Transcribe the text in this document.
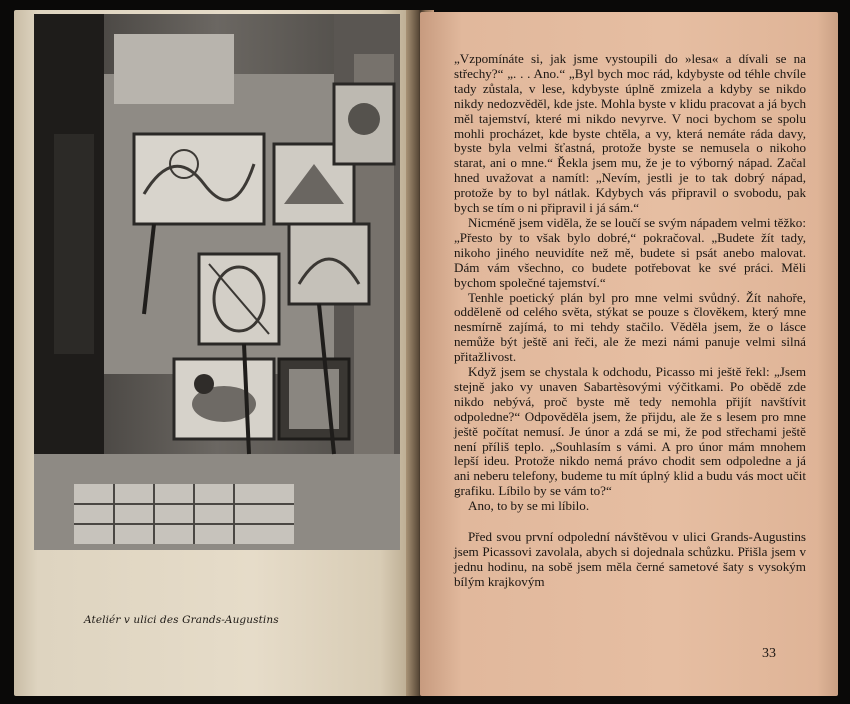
Ateliér v ulici des Grands-Augustins

„Vzpomínáte si, jak jsme vystoupili do »lesa« a dívali se na střechy?“ „. . . Ano.“ „Byl bych moc rád, kdybyste od téhle chvíle tady zůstala, v lese, kdybyste úplně zmizela a kdyby se nikdo nikdy nedozvěděl, kde jste. Mohla byste v klidu pracovat a já bych měl tajemství, které mi nikdo nevyrve. V noci bychom se spolu mohli procházet, kde byste chtěla, a vy, která nemáte ráda davy, byste byla velmi šťastná, protože byste se nemusela o nikoho starat, ani o mne.“ Řekla jsem mu, že je to výborný nápad. Začal hned uvažovat a namítl: „Nevím, jestli je to tak dobrý nápad, protože by to byl nátlak. Kdybych vás připravil o svobodu, pak bych se tím o ni připravil i já sám.“

Nicméně jsem viděla, že se loučí se svým nápadem velmi těžko: „Přesto by to však bylo dobré,“ pokračoval. „Budete žít tady, nikoho jiného neuvidíte než mě, budete si psát anebo malovat. Dám vám všechno, co budete potřebovat ke své práci. Měli bychom společné tajemství.“

Tenhle poetický plán byl pro mne velmi svůdný. Žít nahoře, odděleně od celého světa, stýkat se pouze s člověkem, který mne nesmírně zajímá, to mi tehdy stačilo. Věděla jsem, že o lásce nemůže být ještě ani řeči, ale že mezi námi panuje velmi silná přitažlivost.

Když jsem se chystala k odchodu, Picasso mi ještě řekl: „Jsem stejně jako vy unaven Sabartèsovými výčitkami. Po obědě zde nikdo nebývá, proč byste mě tedy nemohla přijít navštívit odpoledne?“ Odpověděla jsem, že přijdu, ale že s lesem pro mne ještě počítat nemusí. Je únor a zdá se mi, že pod střechami ještě není příliš teplo. „Souhlasím s vámi. A pro únor mám mnohem lepší ideu. Protože nikdo nemá právo chodit sem odpoledne a já ani neberu telefony, budeme tu mít úplný klid a budu vás moct učit grafiku. Líbilo by se vám to?“

Ano, to by se mi líbilo.

Před svou první odpolední návštěvou v ulici Grands-Augustins jsem Picassovi zavolala, abych si dojednala schůzku. Přišla jsem v jednu hodinu, na sobě jsem měla černé sametové šaty s vysokým bílým krajkovým

33
